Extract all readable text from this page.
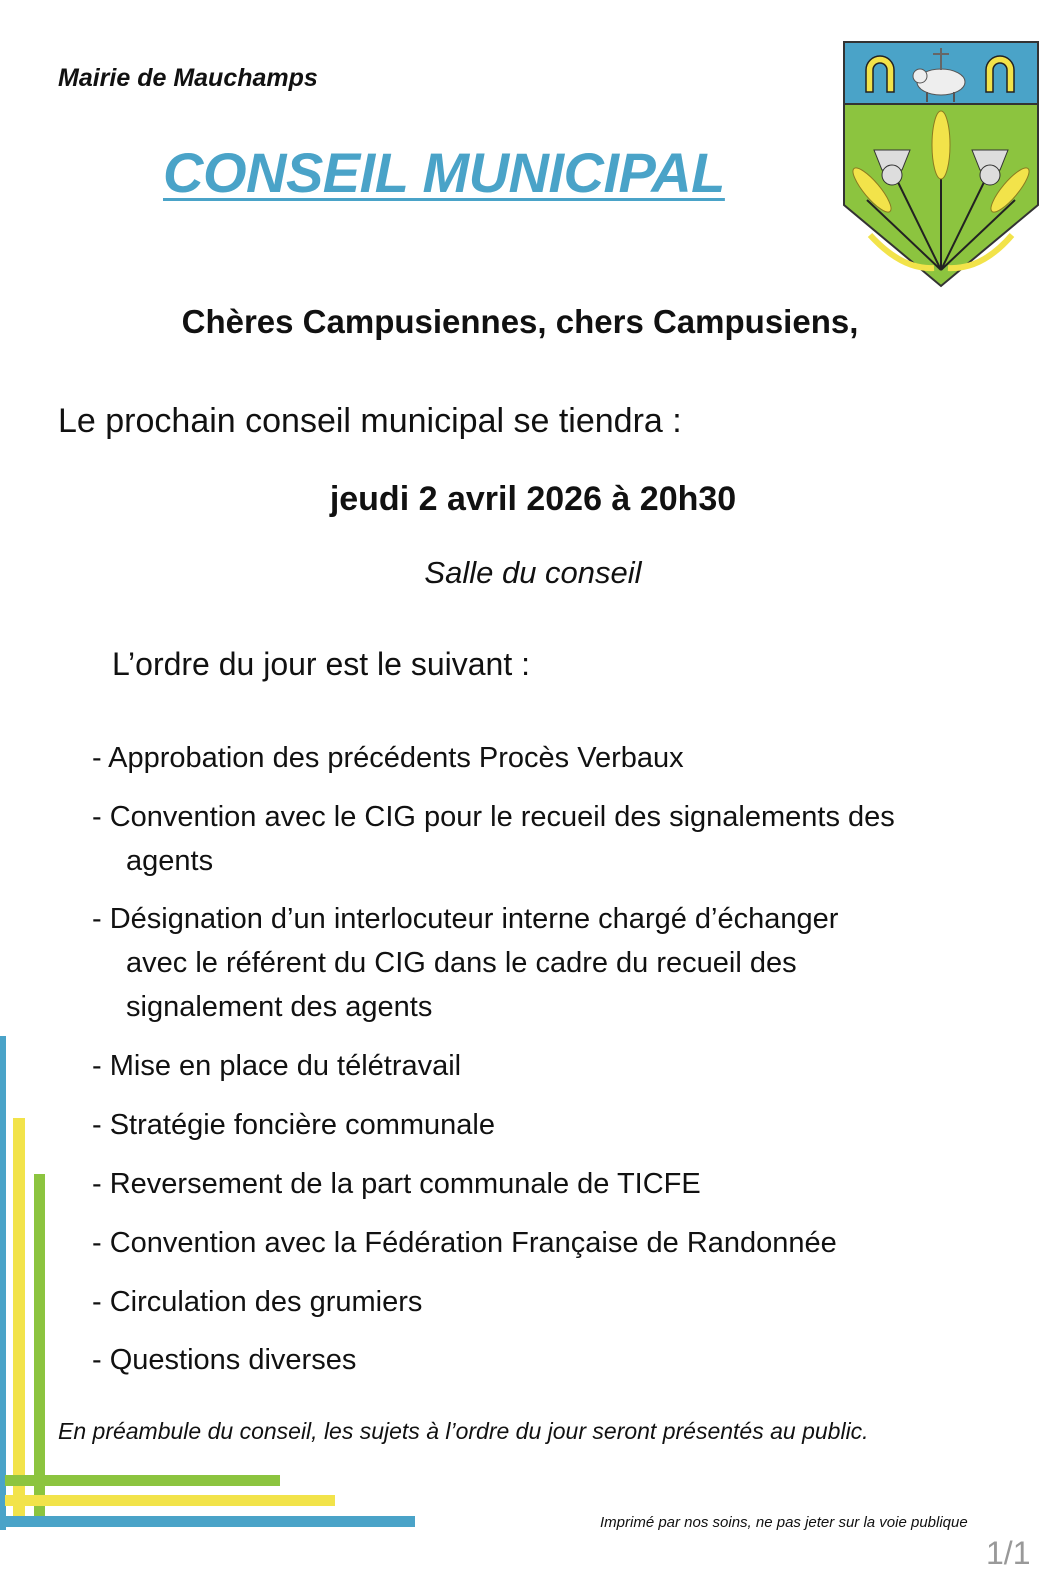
Mairie de Mauchamps
CONSEIL MUNICIPAL
Chères Campusiennes, chers Campusiens,
Le prochain conseil municipal se tiendra :
jeudi 2 avril 2026 à 20h30
Salle du conseil
L’ordre du jour est le suivant :
- Approbation des précédents Procès Verbaux
- Convention avec le CIG pour le recueil des signalements des
agents
- Désignation d’un interlocuteur interne chargé d’échanger
avec le référent du CIG dans le cadre du recueil des
signalement des agents
- Mise en place du télétravail
- Stratégie foncière communale
- Reversement de la part communale de TICFE
- Convention avec la Fédération Française de Randonnée
- Circulation des grumiers
- Questions diverses
En préambule du conseil, les sujets à l’ordre du jour seront présentés au public.
Imprimé par nos soins, ne pas jeter sur la voie publique
1/1
